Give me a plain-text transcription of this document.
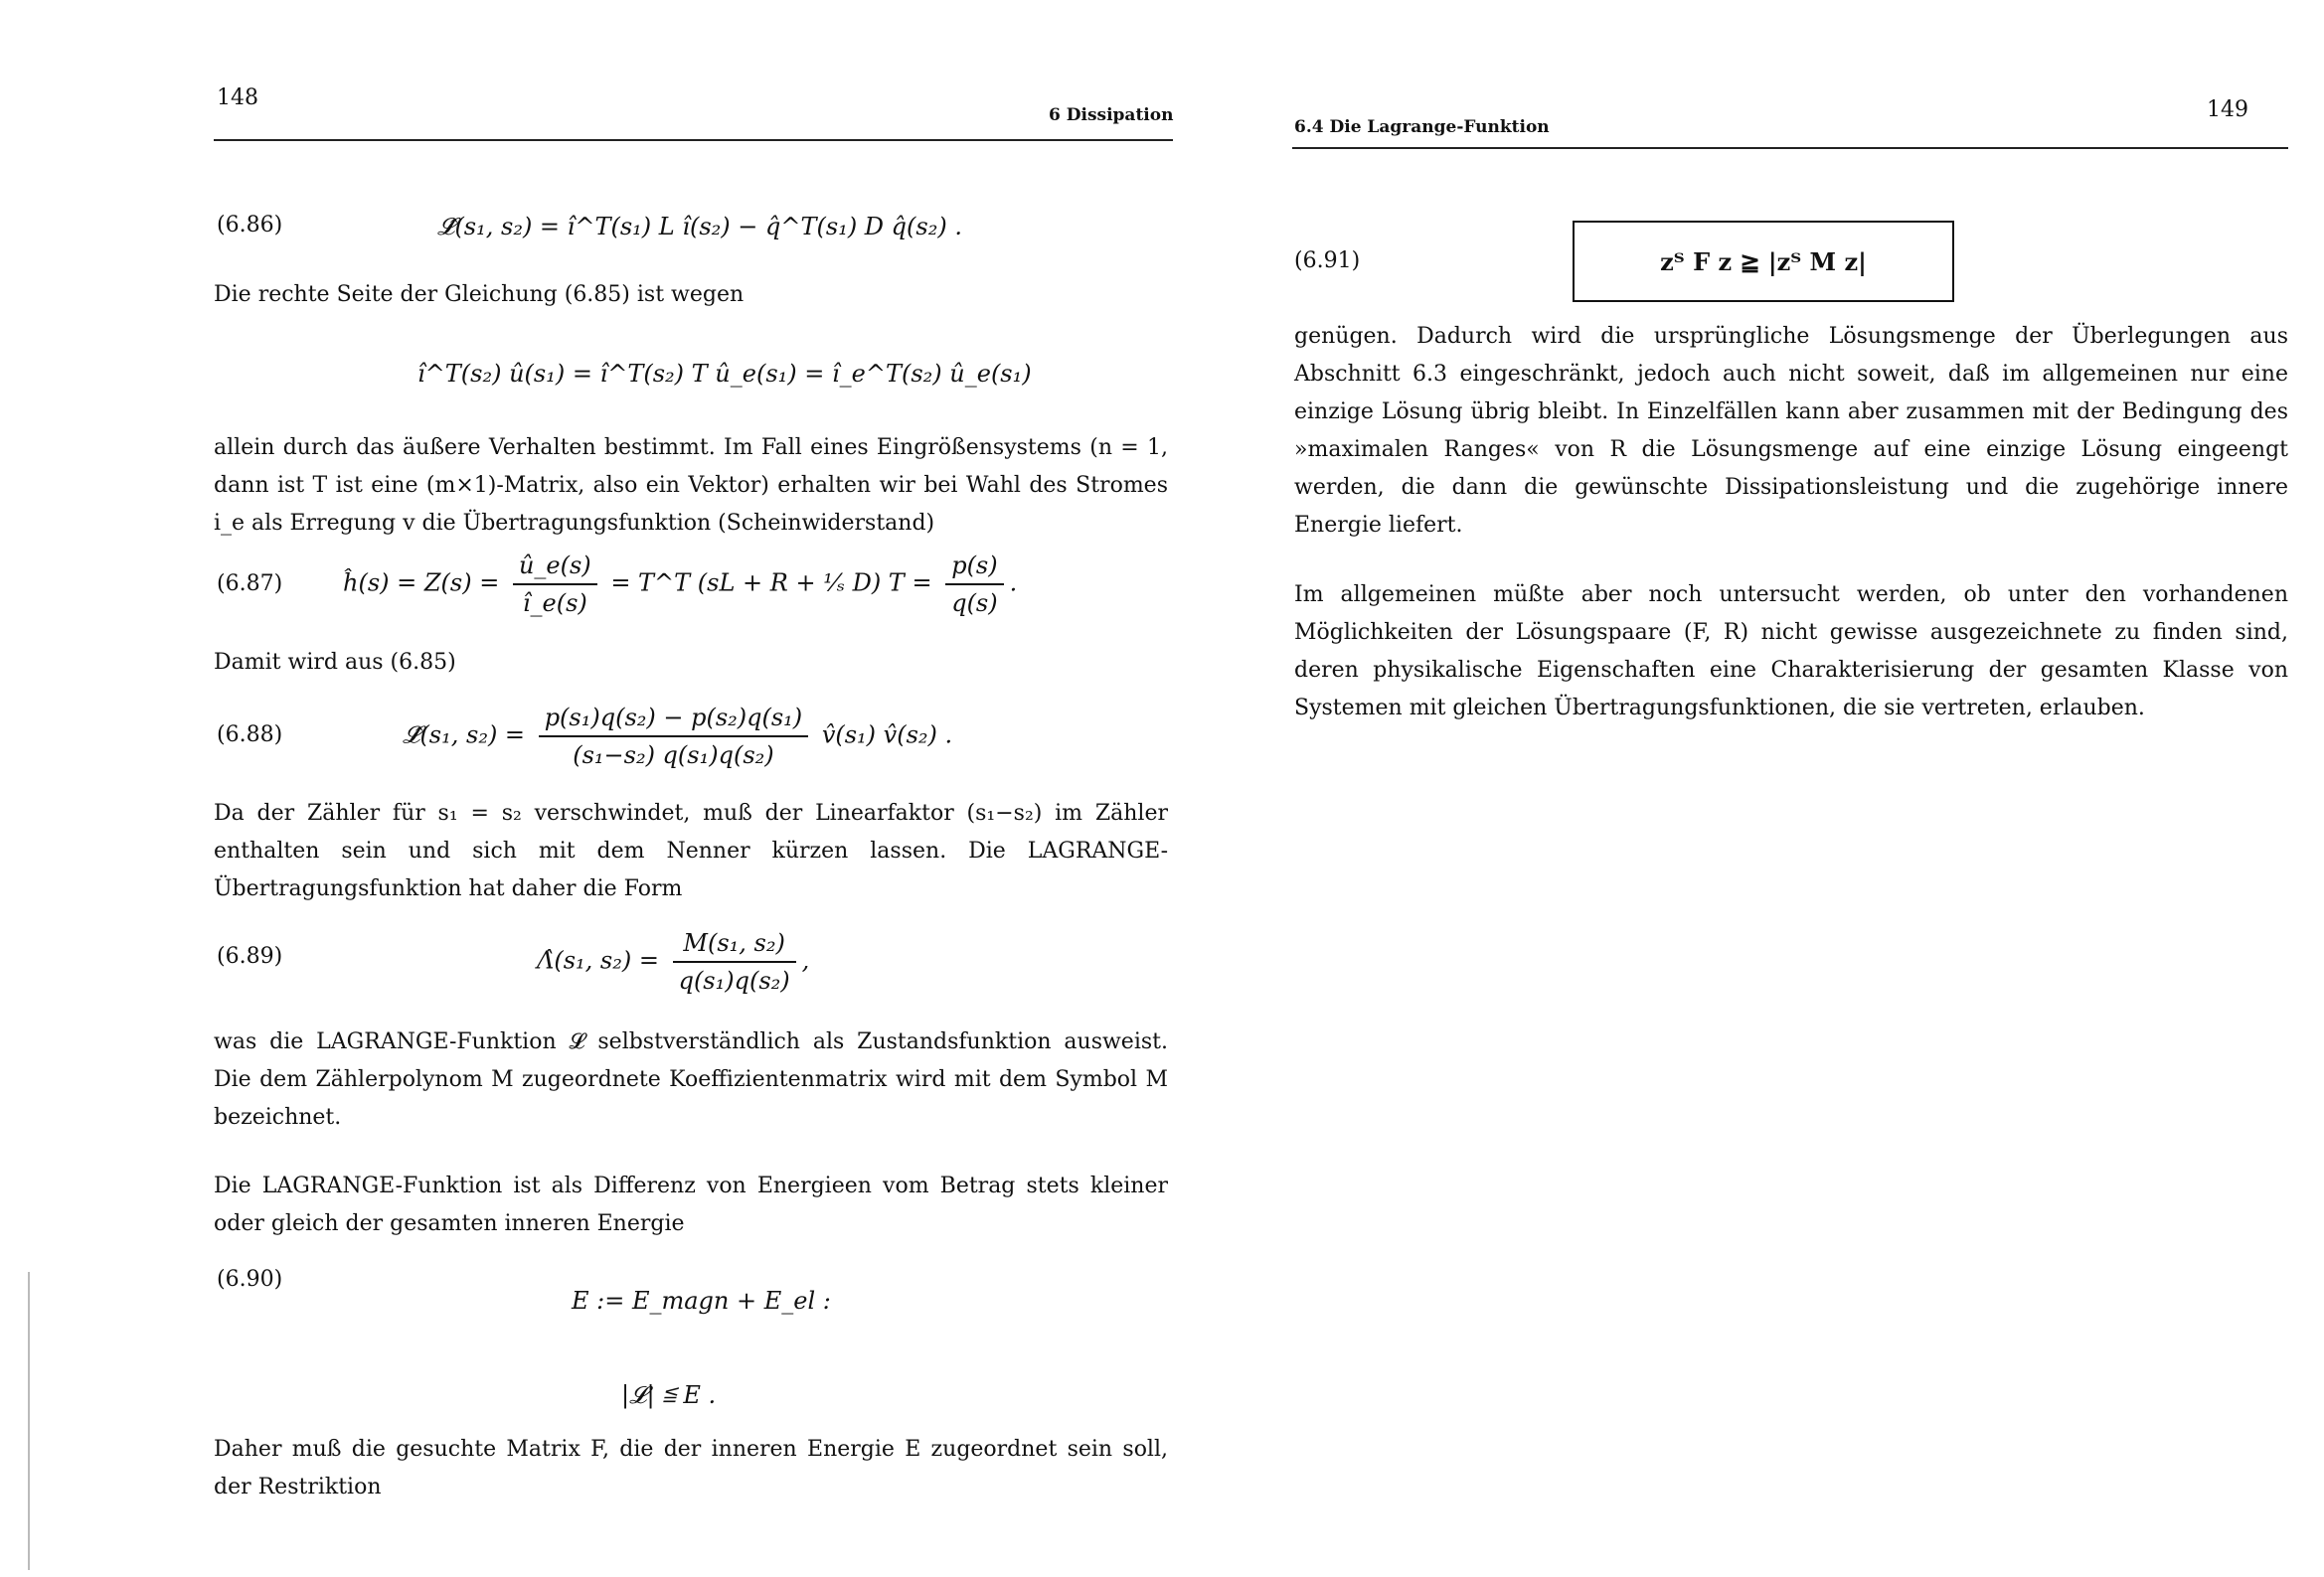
148
6 Dissipation
(6.86)	𝓛̂(s₁, s₂) = î^T(s₁) L î(s₂) − q̂^T(s₁) D q̂(s₂) .
Die rechte Seite der Gleichung (6.85) ist wegen
î^T(s₂) û(s₁) = î^T(s₂) T û_e(s₁) = î_e^T(s₂) û_e(s₁)
allein durch das äußere Verhalten bestimmt. Im Fall eines Eingrößensystems (n = 1, dann ist T ist eine (m×1)-Matrix, also ein Vektor) erhalten wir bei Wahl des Stromes i_e als Erregung v die Übertragungsfunktion (Scheinwiderstand)
(6.87)	ĥ(s) = $Z(s) = \frac{û\_e(s)}{î\_e(s)}$ = T^T (sL + R + ¹⁄ₛ D) $T = \frac{p(s)}{q(s)}$ .
Damit wird aus (6.85)
(6.88)	𝓛̂(s₁, $s_2) = \frac{\text{p(s₁)q(s₂) − p(s₂)q(s₁)}}{\text{(s₁−s₂) q(s₁)q(s₂)}}$ v̂(s₁) v̂(s₂) .
Da der Zähler für s₁ = s₂ verschwindet, muß der Linearfaktor (s₁−s₂) im Zähler enthalten sein und sich mit dem Nenner kürzen lassen. Die LAGRANGE-Übertragungsfunktion hat daher die Form
(6.89)	Λ̂(s₁, $s_2) = \frac{\text{M(s₁, s₂)}}{\text{q(s₁)q(s₂)}}$ ,
was die LAGRANGE-Funktion 𝓛 selbstverständlich als Zustandsfunktion ausweist. Die dem Zählerpolynom M zugeordnete Koeffizientenmatrix wird mit dem Symbol M bezeichnet.
Die LAGRANGE-Funktion ist als Differenz von Energieen vom Betrag stets kleiner oder gleich der gesamten inneren Energie
(6.90)
E := E_magn + E_el :
|𝓛| ≦ E .
Daher muß die gesuchte Matrix F, die der inneren Energie E zugeordnet sein soll, der Restriktion
149
6.4 Die Lagrange-Funktion
(6.91)	zᵀ F z ≧ |zᵀ M z|
genügen. Dadurch wird die ursprüngliche Lösungsmenge der Überlegungen aus Abschnitt 6.3 eingeschränkt, jedoch auch nicht soweit, daß im allgemeinen nur eine einzige Lösung übrig bleibt. In Einzelfällen kann aber zusammen mit der Bedingung des »maximalen Ranges« von R die Lösungsmenge auf eine einzige Lösung eingeengt werden, die dann die gewünschte Dissipationsleistung und die zugehörige innere Energie liefert.
Im allgemeinen müßte aber noch untersucht werden, ob unter den vorhandenen Möglichkeiten der Lösungspaare (F, R) nicht gewisse ausgezeichnete zu finden sind, deren physikalische Eigenschaften eine Charakterisierung der gesamten Klasse von Systemen mit gleichen Übertragungsfunktionen, die sie vertreten, erlauben.
